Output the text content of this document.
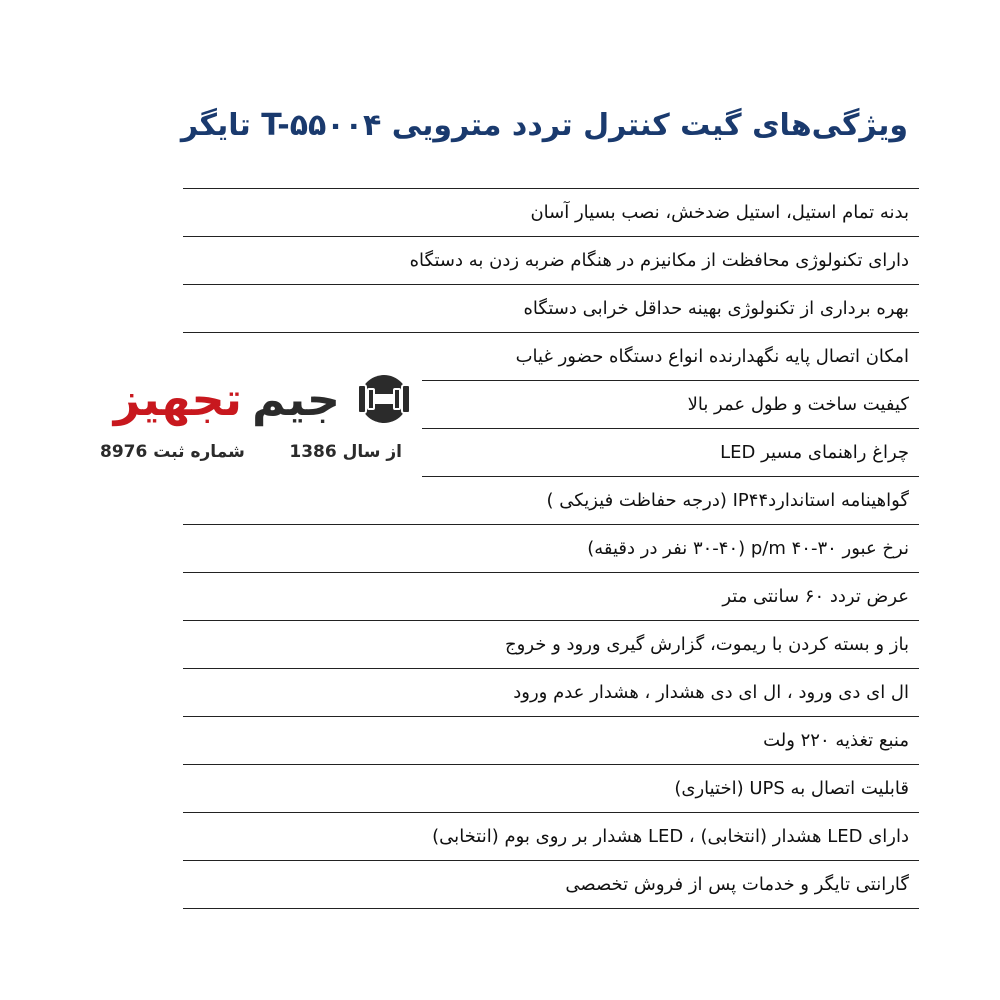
ویژگی‌های گیت کنترل تردد مترویی T-۵۵۰۰۴ تایگر
بدنه تمام استیل، استیل ضدخش، نصب بسیار آسان
دارای تکنولوژی محافظت از مکانیزم در هنگام ضربه زدن به دستگاه
بهره برداری از تکنولوژی بهینه حداقل خرابی دستگاه
امکان اتصال پایه نگهدارنده انواع دستگاه حضور غیاب
کیفیت ساخت و طول عمر بالا
چراغ راهنمای مسیر LED
گواهینامه استانداردIP۴۴ (درجه حفاظت فیزیکی )
نرخ عبور ۳۰-۴۰ p/m (۳۰-۴۰ نفر در دقیقه)
عرض تردد ۶۰ سانتی متر
باز و بسته کردن با ریموت، گزارش گیری ورود و خروج
ال ای دی ورود ، ال ای دی هشدار ، هشدار عدم ورود
منبع تغذیه ۲۲۰ ولت
قابلیت اتصال به UPS (اختیاری)
دارای LED هشدار (انتخابی) ، LED هشدار بر روی بوم (انتخابی)
گارانتی تایگر و خدمات پس از فروش تخصصی
جیم
تجهیز
از سال 1386
شماره ثبت 8976
